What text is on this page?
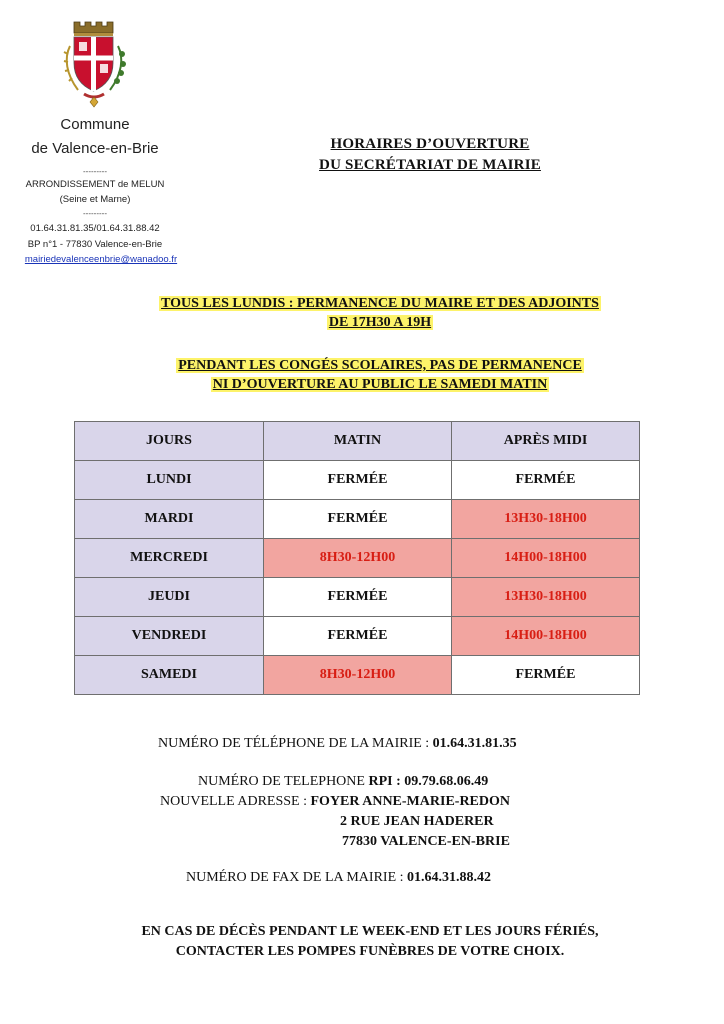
Commune
de Valence-en-Brie
---------
ARRONDISSEMENT de MELUN
(Seine et Marne)
---------
01.64.31.81.35/01.64.31.88.42
BP n°1 - 77830 Valence-en-Brie
mairiedevalenceenbrie@wanadoo.fr
HORAIRES D’OUVERTURE
DU SECRÉTARIAT DE MAIRIE
TOUS LES LUNDIS : PERMANENCE DU MAIRE ET DES ADJOINTS
DE 17H30 A 19H
PENDANT LES CONGÉS SCOLAIRES, PAS DE PERMANENCE
NI D’OUVERTURE AU PUBLIC LE SAMEDI MATIN
JOURS	MATIN	APRÈS MIDI
LUNDI	FERMÉE	FERMÉE
MARDI	FERMÉE	13H30-18H00
MERCREDI	8H30-12H00	14H00-18H00
JEUDI	FERMÉE	13H30-18H00
VENDREDI	FERMÉE	14H00-18H00
SAMEDI	8H30-12H00	FERMÉE
NUMÉRO DE TÉLÉPHONE DE LA MAIRIE : 01.64.31.81.35
NUMÉRO DE TELEPHONE RPI : 09.79.68.06.49
NOUVELLE ADRESSE : FOYER ANNE-MARIE-REDON
2 RUE JEAN HADERER
77830 VALENCE-EN-BRIE
NUMÉRO DE FAX DE LA MAIRIE : 01.64.31.88.42
EN CAS DE DÉCÈS PENDANT LE WEEK-END ET LES JOURS FÉRIÉS,
CONTACTER LES POMPES FUNÈBRES DE VOTRE CHOIX.
